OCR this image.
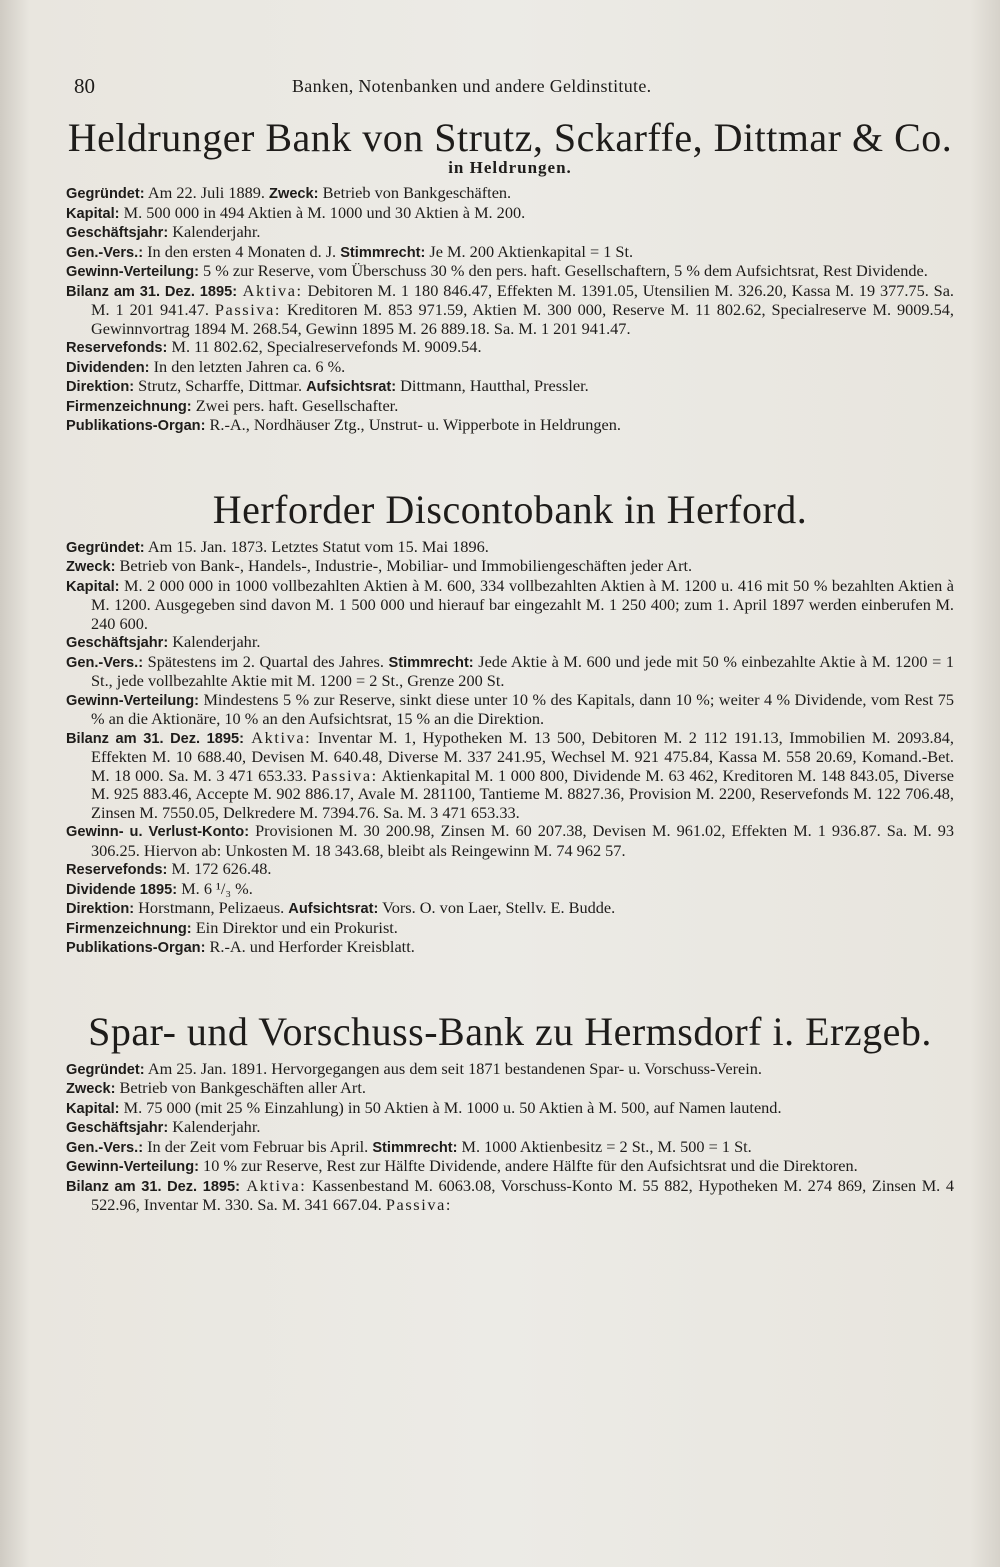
80	Banken, Notenbanken und andere Geldinstitute.
Heldrunger Bank von Strutz, Sckarffe, Dittmar & Co.
in Heldrungen.

Gegründet: Am 22. Juli 1889. Zweck: Betrieb von Bankgeschäften.

Kapital: M. 500 000 in 494 Aktien à M. 1000 und 30 Aktien à M. 200.

Geschäftsjahr: Kalenderjahr.

Gen.-Vers.: In den ersten 4 Monaten d. J. Stimmrecht: Je M. 200 Aktienkapital = 1 St.

Gewinn-Verteilung: 5 % zur Reserve, vom Überschuss 30 % den pers. haft. Gesellschaftern, 5 % dem Aufsichtsrat, Rest Dividende.

Bilanz am 31. Dez. 1895: Aktiva: Debitoren M. 1 180 846.47, Effekten M. 1391.05, Utensilien M. 326.20, Kassa M. 19 377.75. Sa. M. 1 201 941.47. Passiva: Kreditoren M. 853 971.59, Aktien M. 300 000, Reserve M. 11 802.62, Specialreserve M. 9009.54, Gewinnvortrag 1894 M. 268.54, Gewinn 1895 M. 26 889.18. Sa. M. 1 201 941.47.

Reservefonds: M. 11 802.62, Specialreservefonds M. 9009.54.

Dividenden: In den letzten Jahren ca. 6 %.

Direktion: Strutz, Scharffe, Dittmar. Aufsichtsrat: Dittmann, Hautthal, Pressler.

Firmenzeichnung: Zwei pers. haft. Gesellschafter.

Publikations-Organ: R.-A., Nordhäuser Ztg., Unstrut- u. Wipperbote in Heldrungen.

Herforder Discontobank in Herford.

Gegründet: Am 15. Jan. 1873. Letztes Statut vom 15. Mai 1896.

Zweck: Betrieb von Bank-, Handels-, Industrie-, Mobiliar- und Immobiliengeschäften jeder Art.

Kapital: M. 2 000 000 in 1000 vollbezahlten Aktien à M. 600, 334 vollbezahlten Aktien à M. 1200 u. 416 mit 50 % bezahlten Aktien à M. 1200. Ausgegeben sind davon M. 1 500 000 und hierauf bar eingezahlt M. 1 250 400; zum 1. April 1897 werden einberufen M. 240 600.

Geschäftsjahr: Kalenderjahr.

Gen.-Vers.: Spätestens im 2. Quartal des Jahres. Stimmrecht: Jede Aktie à M. 600 und jede mit 50 % einbezahlte Aktie à M. 1200 = 1 St., jede vollbezahlte Aktie mit M. 1200 = 2 St., Grenze 200 St.

Gewinn-Verteilung: Mindestens 5 % zur Reserve, sinkt diese unter 10 % des Kapitals, dann 10 %; weiter 4 % Dividende, vom Rest 75 % an die Aktionäre, 10 % an den Aufsichtsrat, 15 % an die Direktion.

Bilanz am 31. Dez. 1895: Aktiva: Inventar M. 1, Hypotheken M. 13 500, Debitoren M. 2 112 191.13, Immobilien M. 2093.84, Effekten M. 10 688.40, Devisen M. 640.48, Diverse M. 337 241.95, Wechsel M. 921 475.84, Kassa M. 558 20.69, Komand.-Bet. M. 18 000. Sa. M. 3 471 653.33. Passiva: Aktienkapital M. 1 000 800, Dividende M. 63 462, Kreditoren M. 148 843.05, Diverse M. 925 883.46, Accepte M. 902 886.17, Avale M. 281100, Tantieme M. 8827.36, Provision M. 2200, Reservefonds M. 122 706.48, Zinsen M. 7550.05, Delkredere M. 7394.76. Sa. M. 3 471 653.33.

Gewinn- u. Verlust-Konto: Provisionen M. 30 200.98, Zinsen M. 60 207.38, Devisen M. 961.02, Effekten M. 1 936.87. Sa. M. 93 306.25. Hiervon ab: Unkosten M. 18 343.68, bleibt als Reingewinn M. 74 962 57.

Reservefonds: M. 172 626.48.

Dividende 1895: M. 6 ¹/₃ %.

Direktion: Horstmann, Pelizaeus. Aufsichtsrat: Vors. O. von Laer, Stellv. E. Budde.

Firmenzeichnung: Ein Direktor und ein Prokurist.

Publikations-Organ: R.-A. und Herforder Kreisblatt.

Spar- und Vorschuss-Bank zu Hermsdorf i. Erzgeb.

Gegründet: Am 25. Jan. 1891. Hervorgegangen aus dem seit 1871 bestandenen Spar- u. Vorschuss-Verein.

Zweck: Betrieb von Bankgeschäften aller Art.

Kapital: M. 75 000 (mit 25 % Einzahlung) in 50 Aktien à M. 1000 u. 50 Aktien à M. 500, auf Namen lautend.

Geschäftsjahr: Kalenderjahr.

Gen.-Vers.: In der Zeit vom Februar bis April. Stimmrecht: M. 1000 Aktienbesitz = 2 St., M. 500 = 1 St.

Gewinn-Verteilung: 10 % zur Reserve, Rest zur Hälfte Dividende, andere Hälfte für den Aufsichtsrat und die Direktoren.

Bilanz am 31. Dez. 1895: Aktiva: Kassenbestand M. 6063.08, Vorschuss-Konto M. 55 882, Hypotheken M. 274 869, Zinsen M. 4 522.96, Inventar M. 330. Sa. M. 341 667.04. Passiva:
